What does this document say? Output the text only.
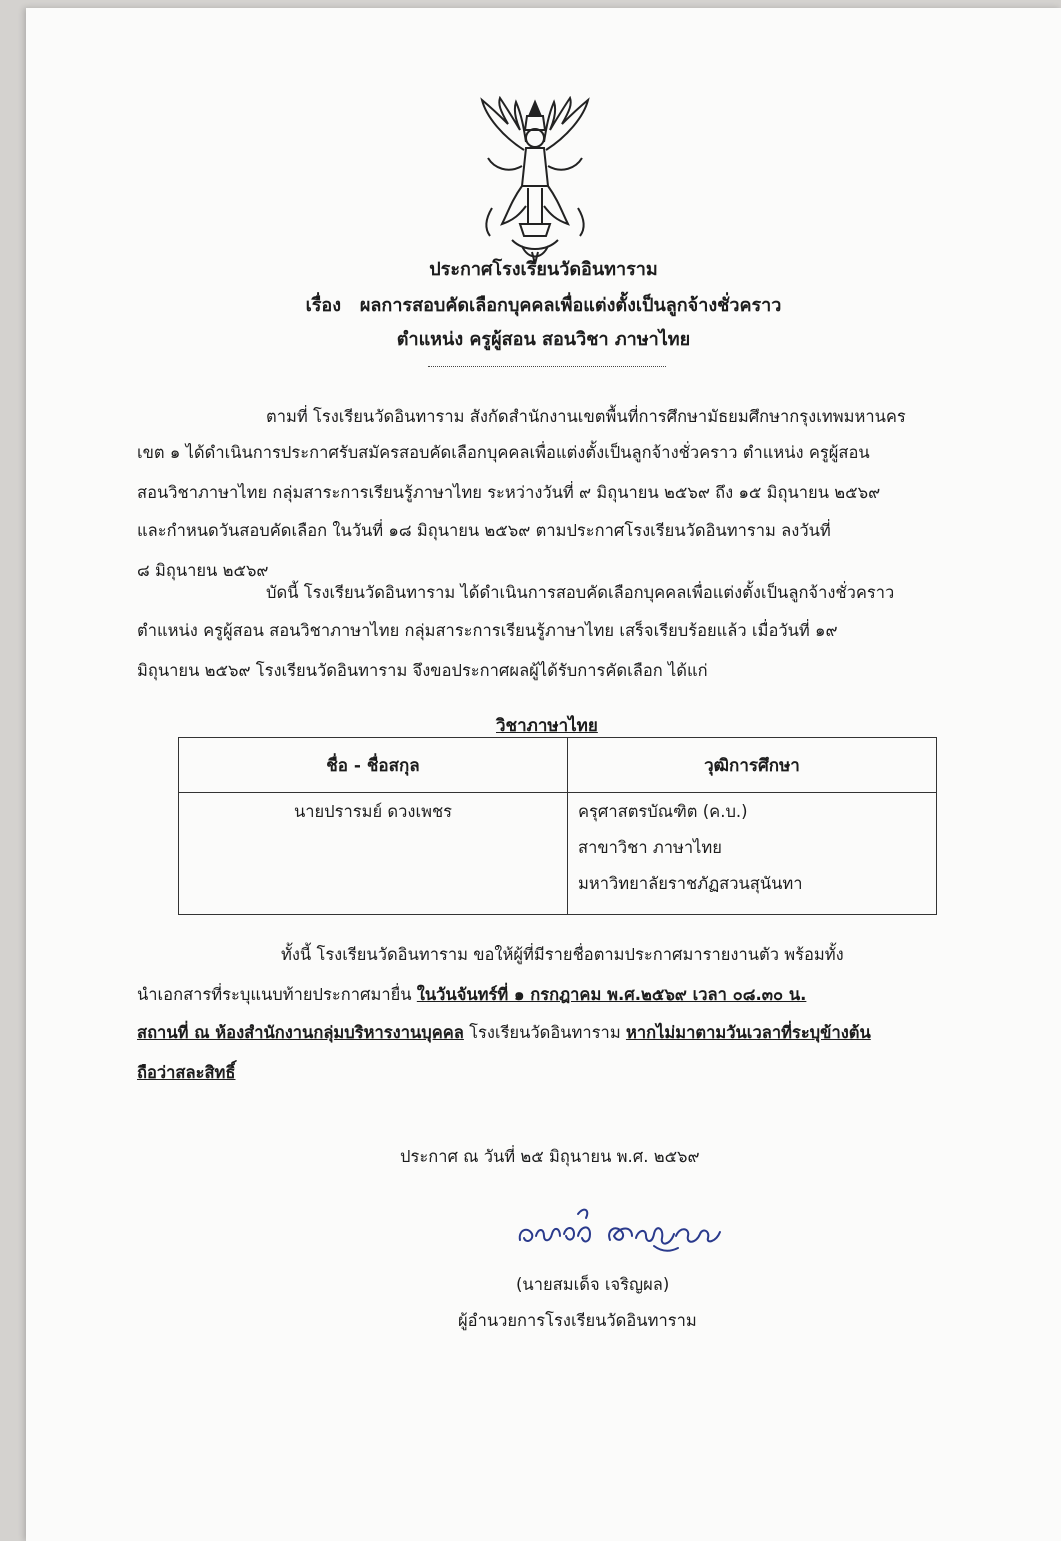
ประกาศโรงเรียนวัดอินทาราม
เรื่อง ผลการสอบคัดเลือกบุคคลเพื่อแต่งตั้งเป็นลูกจ้างชั่วคราว
ตำแหน่ง ครูผู้สอน สอนวิชา ภาษาไทย
ตามที่ โรงเรียนวัดอินทาราม สังกัดสำนักงานเขตพื้นที่การศึกษามัธยมศึกษากรุงเทพมหานคร
เขต ๑ ได้ดำเนินการประกาศรับสมัครสอบคัดเลือกบุคคลเพื่อแต่งตั้งเป็นลูกจ้างชั่วคราว ตำแหน่ง ครูผู้สอน
สอนวิชาภาษาไทย กลุ่มสาระการเรียนรู้ภาษาไทย ระหว่างวันที่ ๙ มิถุนายน ๒๕๖๙ ถึง ๑๕ มิถุนายน ๒๕๖๙
และกำหนดวันสอบคัดเลือก ในวันที่ ๑๘ มิถุนายน ๒๕๖๙ ตามประกาศโรงเรียนวัดอินทาราม ลงวันที่
๘ มิถุนายน ๒๕๖๙
บัดนี้ โรงเรียนวัดอินทาราม ได้ดำเนินการสอบคัดเลือกบุคคลเพื่อแต่งตั้งเป็นลูกจ้างชั่วคราว
ตำแหน่ง ครูผู้สอน สอนวิชาภาษาไทย กลุ่มสาระการเรียนรู้ภาษาไทย เสร็จเรียบร้อยแล้ว เมื่อวันที่ ๑๙
มิถุนายน ๒๕๖๙ โรงเรียนวัดอินทาราม จึงขอประกาศผลผู้ได้รับการคัดเลือก ได้แก่
วิชาภาษาไทย
ชื่อ - ชื่อสกุล	วุฒิการศึกษา

นายปรารมย์ ดวงเพชร	ครุศาสตรบัณฑิต (ค.บ.)
สาขาวิชา ภาษาไทย
มหาวิทยาลัยราชภัฏสวนสุนันทา
ทั้งนี้ โรงเรียนวัดอินทาราม ขอให้ผู้ที่มีรายชื่อตามประกาศมารายงานตัว พร้อมทั้ง
นำเอกสารที่ระบุแนบท้ายประกาศมายื่น ในวันจันทร์ที่ ๑ กรกฎาคม พ.ศ.๒๕๖๙ เวลา ๐๘.๓๐ น.
สถานที่ ณ ห้องสำนักงานกลุ่มบริหารงานบุคคล โรงเรียนวัดอินทาราม หากไม่มาตามวันเวลาที่ระบุข้างต้น
ถือว่าสละสิทธิ์
ประกาศ ณ วันที่ ๒๕ มิถุนายน พ.ศ. ๒๕๖๙
(นายสมเด็จ เจริญผล)
ผู้อำนวยการโรงเรียนวัดอินทาราม
